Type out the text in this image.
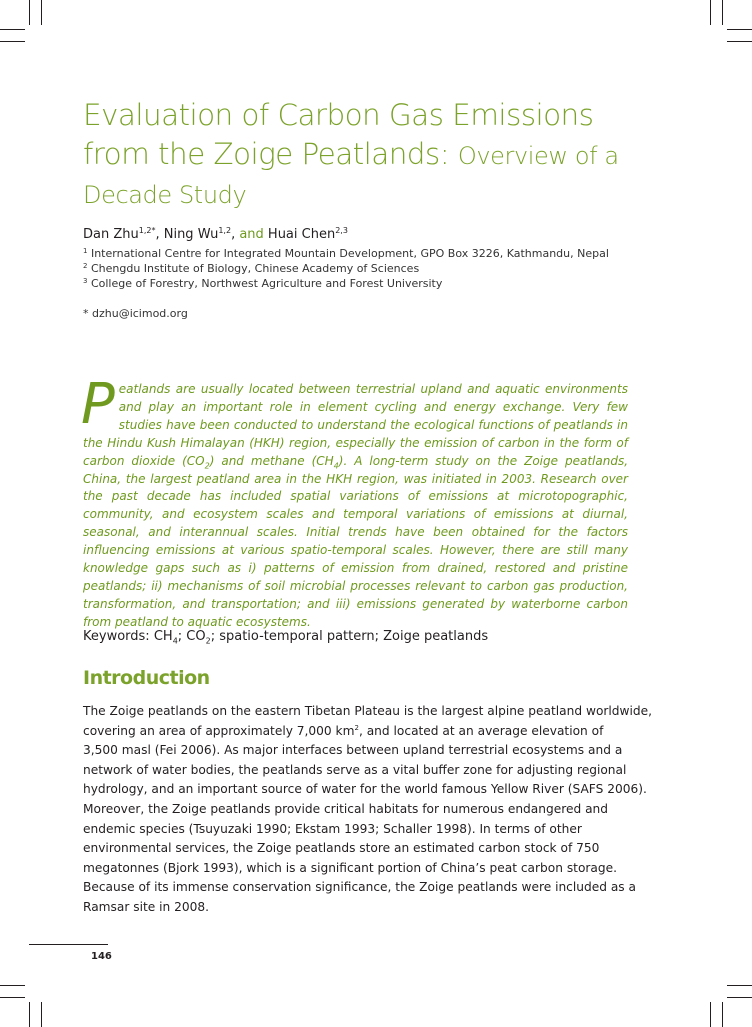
Evaluation of Carbon Gas Emissions
from the Zoige Peatlands: Overview of a
Decade Study
Dan Zhu$^{1,2*}$, Ning Wu$^{1,2}$, and Huai Chen$^{2,3}$
$^1$ International Centre for Integrated Mountain Development, GPO Box 3226, Kathmandu, Nepal
$^2$ Chengdu Institute of Biology, Chinese Academy of Sciences
$^3$ College of Forestry, Northwest Agriculture and Forest University
* dzhu@icimod.org
Peatlands are usually located between terrestrial upland and aquatic environments and play an important role in element cycling and energy exchange. Very few studies have been conducted to understand the ecological functions of peatlands in the Hindu Kush Himalayan (HKH) region, especially the emission of carbon in the form of carbon dioxide $(CO_2)$ and methane $(CH_4)$. A long-term study on the Zoige peatlands, China, the largest peatland area in the HKH region, was initiated in 2003. Research over the past decade has included spatial variations of emissions at microtopographic, community, and ecosystem scales and temporal variations of emissions at diurnal, seasonal, and interannual scales. Initial trends have been obtained for the factors influencing emissions at various spatio-temporal scales. However, there are still many knowledge gaps such as i) patterns of emission from drained, restored and pristine peatlands; ii) mechanisms of soil microbial processes relevant to carbon gas production, transformation, and transportation; and iii) emissions generated by waterborne carbon from peatland to aquatic ecosystems.
Keywords: $CH_4$; $CO_2$; spatio-temporal pattern; Zoige peatlands
Introduction
The Zoige peatlands on the eastern Tibetan Plateau is the largest alpine peatland worldwide,
covering an area of approximately 7,000 $km^2$, and located at an average elevation of
3,500 masl (Fei 2006). As major interfaces between upland terrestrial ecosystems and a
network of water bodies, the peatlands serve as a vital buffer zone for adjusting regional
hydrology, and an important source of water for the world famous Yellow River (SAFS 2006).
Moreover, the Zoige peatlands provide critical habitats for numerous endangered and
endemic species (Tsuyuzaki 1990; Ekstam 1993; Schaller 1998). In terms of other
environmental services, the Zoige peatlands store an estimated carbon stock of 750
megatonnes (Bjork 1993), which is a significant portion of China’s peat carbon storage.
Because of its immense conservation significance, the Zoige peatlands were included as a
Ramsar site in 2008.
146
